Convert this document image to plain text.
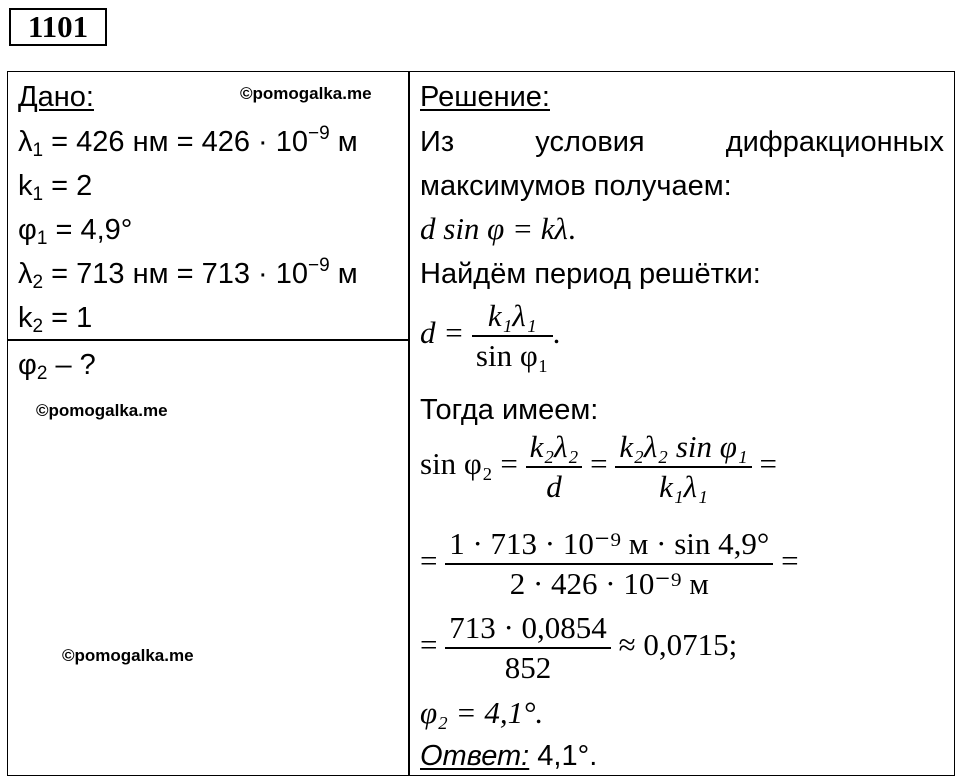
1101
Дано:
$\lambda_1 = 426$ нм = $426 \cdot 10^{-9}$ м
$k_1 = 2$
$\varphi_1 = 4,9^\circ$
$\lambda_2 = 713$ нм = $713 \cdot 10^{-9}$ м
$k_2 = 1$
$\varphi_2$ – ?
©pomogalka.me
©pomogalka.me
©pomogalka.me
Решение:
Из	условия	дифракционных
максимумов получаем:
d sin φ = kλ.
Найдём период решётки:
$d = \frac{\text{k₁λ₁}}{\text{sin φ₁}}$ .
Тогда имеем:
$\sin \varphi_2 = \frac{\text{k₂λ₂}}{d} = \frac{\text{k₂λ₂ sin φ₁}}{\text{k₁λ₁}}$ =
= $\frac{\text{1 · 713 · 10⁻⁹ м · sin 4,9°}}{\text{2 · 426 · 10⁻⁹ м}}$ =
= $\frac{713 \cdot 0,0854}{852} \approx 0,0715$;
φ₂ = 4,1°.
Ответ: 4,1°.
